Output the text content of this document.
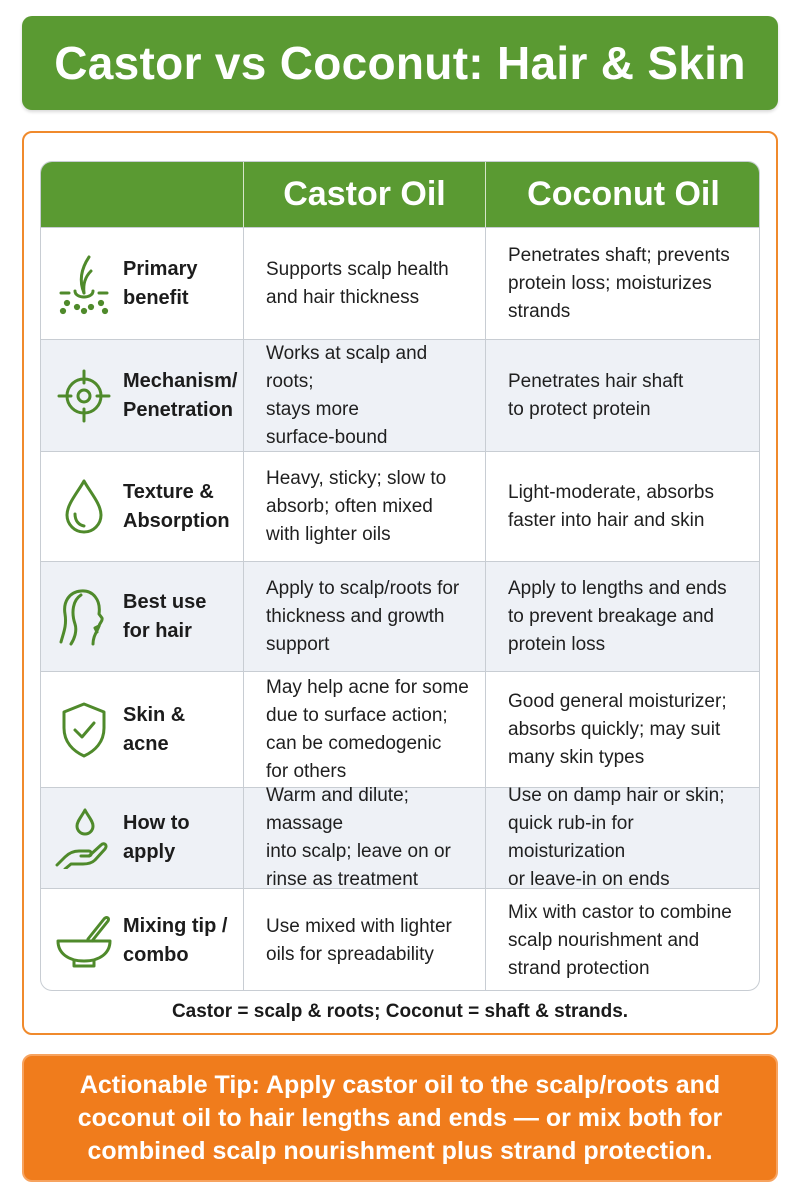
Castor vs Coconut: Hair & Skin
Castor Oil	Coconut Oil
Primary
benefit
Supports scalp health
and hair thickness
Penetrates shaft; prevents
protein loss; moisturizes
strands
Mechanism/
Penetration
Works at scalp and roots;
stays more
surface-bound
Penetrates hair shaft
to protect protein
Texture &
Absorption
Heavy, sticky; slow to
absorb; often mixed
with lighter oils
Light-moderate, absorbs
faster into hair and skin
Best use
for hair
Apply to scalp/roots for
thickness and growth
support
Apply to lengths and ends
to prevent breakage and
protein loss
Skin &
acne
May help acne for some
due to surface action;
can be comedogenic
for others
Good general moisturizer;
absorbs quickly; may suit
many skin types
How to
apply
Warm and dilute; massage
into scalp; leave on or
rinse as treatment
Use on damp hair or skin;
quick rub-in for moisturization
or leave-in on ends
Mixing tip /
combo
Use mixed with lighter
oils for spreadability
Mix with castor to combine
scalp nourishment and
strand protection
Castor = scalp & roots; Coconut = shaft & strands.

Actionable Tip: Apply castor oil to the scalp/roots and coconut oil to hair lengths and ends — or mix both for combined scalp nourishment plus strand protection.
